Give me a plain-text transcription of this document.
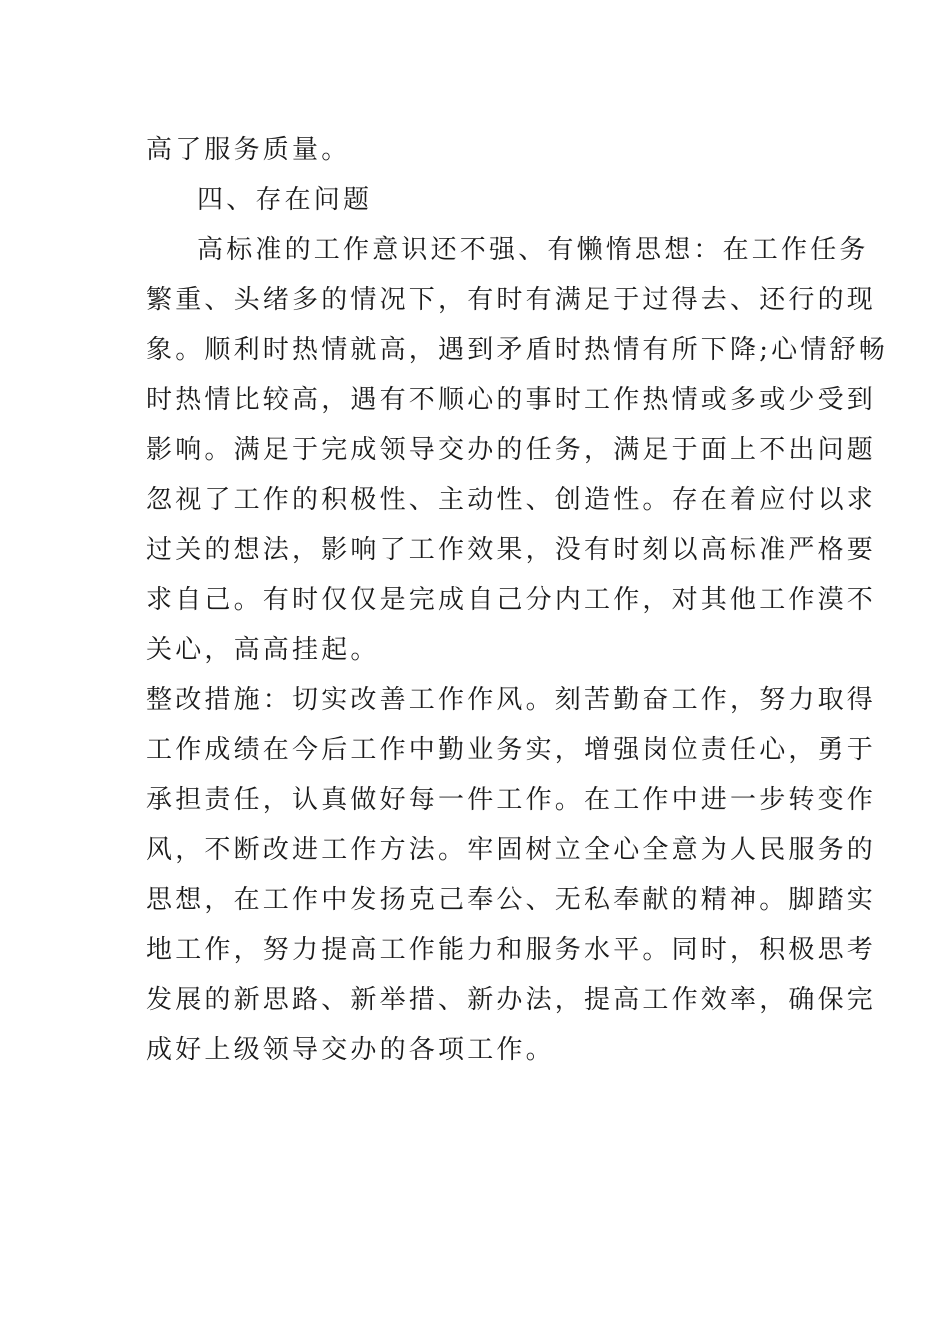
高了服务质量。
四、存在问题
高标准的工作意识还不强、有懒惰思想：在工作任务
繁重、头绪多的情况下，有时有满足于过得去、还行的现
象。顺利时热情就高，遇到矛盾时热情有所下降;心情舒畅
时热情比较高，遇有不顺心的事时工作热情或多或少受到
影响。满足于完成领导交办的任务，满足于面上不出问题
忽视了工作的积极性、主动性、创造性。存在着应付以求
过关的想法，影响了工作效果，没有时刻以高标准严格要
求自己。有时仅仅是完成自己分内工作，对其他工作漠不
关心，高高挂起。
整改措施：切实改善工作作风。刻苦勤奋工作，努力取得
工作成绩在今后工作中勤业务实，增强岗位责任心，勇于
承担责任，认真做好每一件工作。在工作中进一步转变作
风，不断改进工作方法。牢固树立全心全意为人民服务的
思想，在工作中发扬克己奉公、无私奉献的精神。脚踏实
地工作，努力提高工作能力和服务水平。同时，积极思考
发展的新思路、新举措、新办法，提高工作效率，确保完
成好上级领导交办的各项工作。
